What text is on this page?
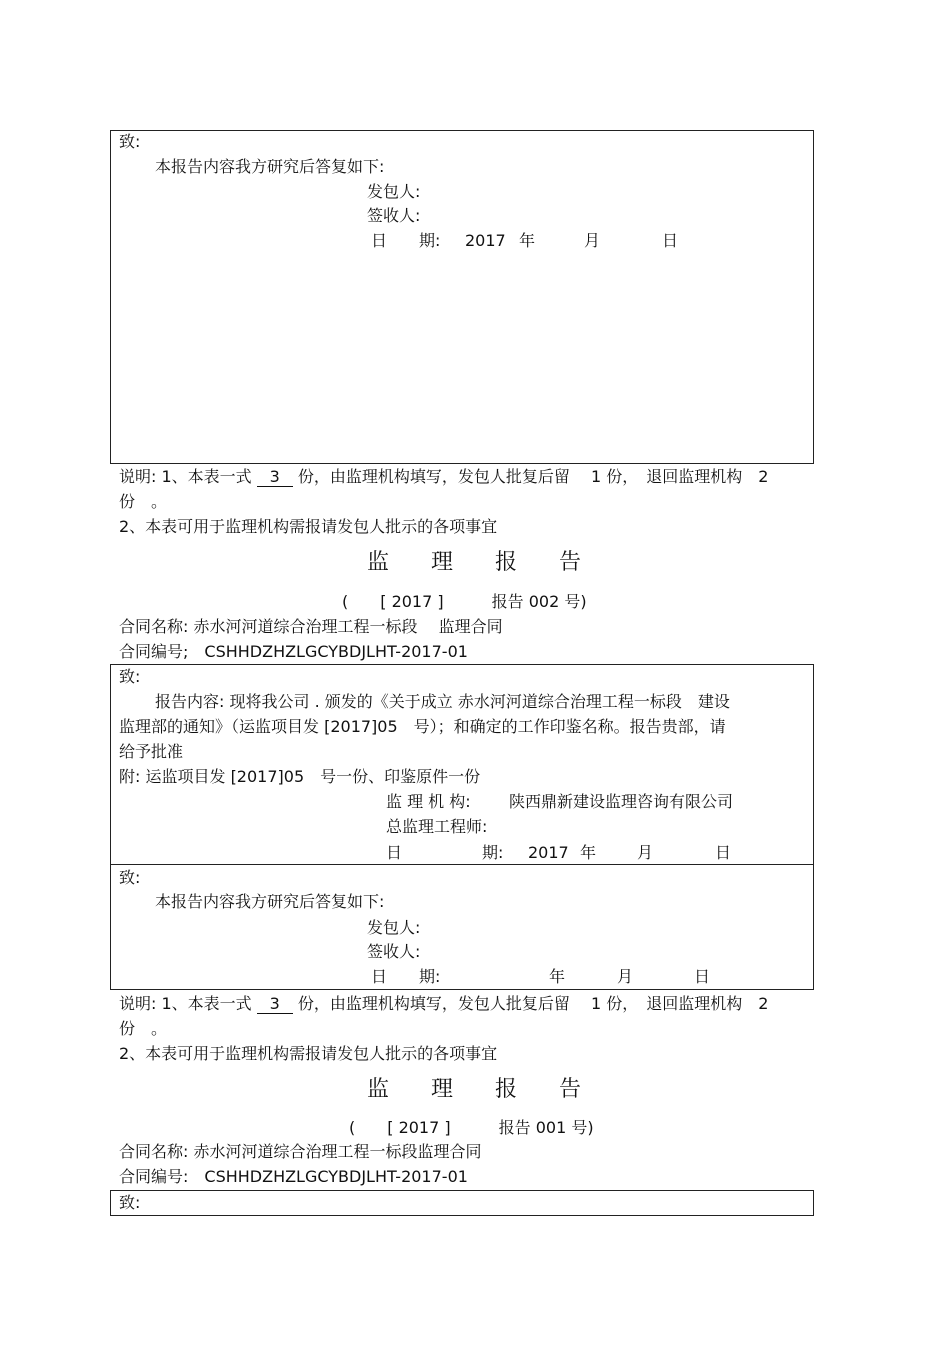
致:
本报告内容我方研究后答复如下:
发包人:
签收人:
日　　期: 2017 年	月	日
说明: 1、本表一式 3 份，由监理机构填写，发包人批复后留　 1 份，　退回监理机构　2
份　。
2、本表可用于监理机构需报请发包人批示的各项事宜
监 理 报 告
(　　[ 2017 ]　　　报告 002 号)
合同名称: 赤水河河道综合治理工程一标段　 监理合同
合同编号;　CSHHDZHZLGCYBDJLHT-2017-01
致:
报告内容: 现将我公司 . 颁发的《关于成立 赤水河河道综合治理工程一标段　建设
监理部的通知》（运监项目发 [2017]05　号）；和确定的工作印鉴名称。报告贵部，请
给予批准
附: 运监项目发 [2017]05　号一份、印鉴原件一份
监 理 机 构: 陕西鼎新建设监理咨询有限公司
总监理工程师:
日　　　　　期: 2017 年	月	日
致:
本报告内容我方研究后答复如下:
发包人:
签收人:
日　　期:	年	月	日
说明: 1、本表一式 3 份，由监理机构填写，发包人批复后留　 1 份，　退回监理机构　2
份　。
2、本表可用于监理机构需报请发包人批示的各项事宜
监 理 报 告
(　　[ 2017 ]　　　报告 001 号)
合同名称: 赤水河河道综合治理工程一标段监理合同
合同编号:　CSHHDZHZLGCYBDJLHT-2017-01
致:
